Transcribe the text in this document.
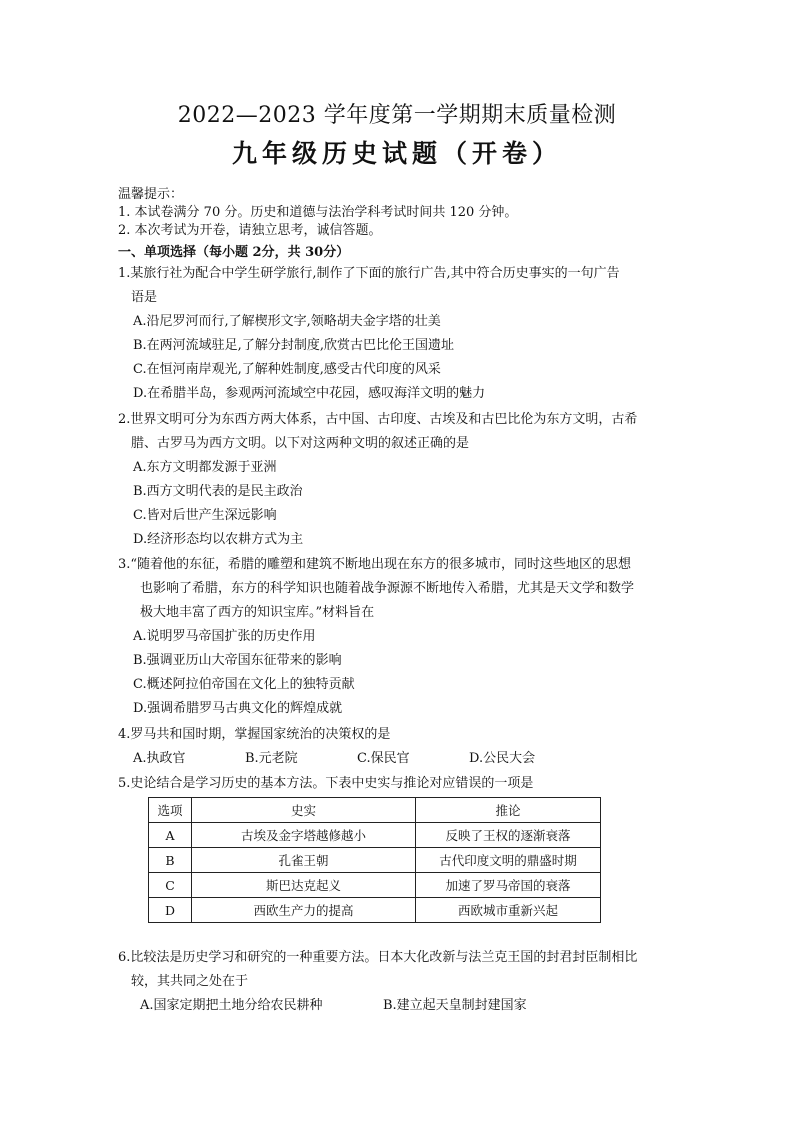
2022—2023 学年度第一学期期末质量检测
九年级历史试题（开卷）
温馨提示：
1. 本试卷满分 70 分。历史和道德与法治学科考试时间共 120 分钟。
2. 本次考试为开卷，请独立思考，诚信答题。
一、单项选择（每小题 2分，共 30分）
1.某旅行社为配合中学生研学旅行,制作了下面的旅行广告,其中符合历史事实的一句广告
语是
A.沿尼罗河而行,了解楔形文字,领略胡夫金字塔的壮美
B.在两河流域驻足,了解分封制度,欣赏古巴比伦王国遗址
C.在恒河南岸观光,了解种姓制度,感受古代印度的风采
D.在希腊半岛，参观两河流域空中花园，感叹海洋文明的魅力
2.世界文明可分为东西方两大体系，古中国、古印度、古埃及和古巴比伦为东方文明，古希
腊、古罗马为西方文明。以下对这两种文明的叙述正确的是
A.东方文明都发源于亚洲
B.西方文明代表的是民主政治
C.皆对后世产生深远影响
D.经济形态均以农耕方式为主
3.“随着他的东征，希腊的雕塑和建筑不断地出现在东方的很多城市，同时这些地区的思想
也影响了希腊，东方的科学知识也随着战争源源不断地传入希腊，尤其是天文学和数学
极大地丰富了西方的知识宝库。”材料旨在
A.说明罗马帝国扩张的历史作用
B.强调亚历山大帝国东征带来的影响
C.概述阿拉伯帝国在文化上的独特贡献
D.强调希腊罗马古典文化的辉煌成就
4.罗马共和国时期，掌握国家统治的决策权的是
A.执政官	B.元老院	C.保民官	D.公民大会
5.史论结合是学习历史的基本方法。下表中史实与推论对应错误的一项是
选项	史实	推论
A	古埃及金字塔越修越小	反映了王权的逐渐衰落
B	孔雀王朝	古代印度文明的鼎盛时期
C	斯巴达克起义	加速了罗马帝国的衰落
D	西欧生产力的提高	西欧城市重新兴起
6.比较法是历史学习和研究的一种重要方法。日本大化改新与法兰克王国的封君封臣制相比
较，其共同之处在于
A.国家定期把土地分给农民耕种	B.建立起天皇制封建国家
